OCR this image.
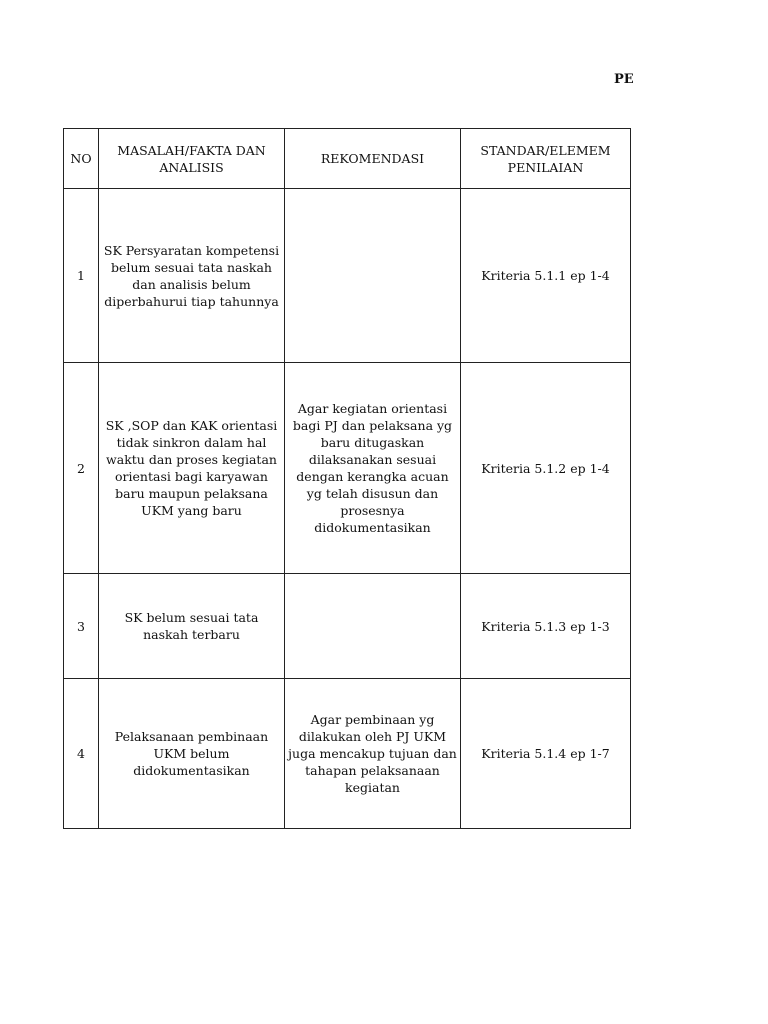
PE
NO	MASALAH/FAKTA DAN ANALISIS	REKOMENDASI	STANDAR/ELEMEM PENILAIAN
1	SK Persyaratan kompetensi belum sesuai tata naskah dan analisis belum diperbahurui tiap tahunnya		Kriteria 5.1.1 ep 1-4
2	SK ,SOP dan KAK orientasi tidak sinkron dalam hal waktu dan proses kegiatan orientasi bagi karyawan baru maupun pelaksana UKM yang baru	Agar kegiatan orientasi bagi PJ dan pelaksana yg baru ditugaskan dilaksanakan sesuai dengan kerangka acuan yg telah disusun dan prosesnya didokumentasikan	Kriteria 5.1.2 ep 1-4
3	SK belum sesuai tata naskah terbaru		Kriteria 5.1.3 ep 1-3
4	Pelaksanaan pembinaan UKM belum didokumentasikan	Agar pembinaan yg dilakukan oleh PJ UKM juga mencakup tujuan dan tahapan pelaksanaan kegiatan	Kriteria 5.1.4 ep 1-7
